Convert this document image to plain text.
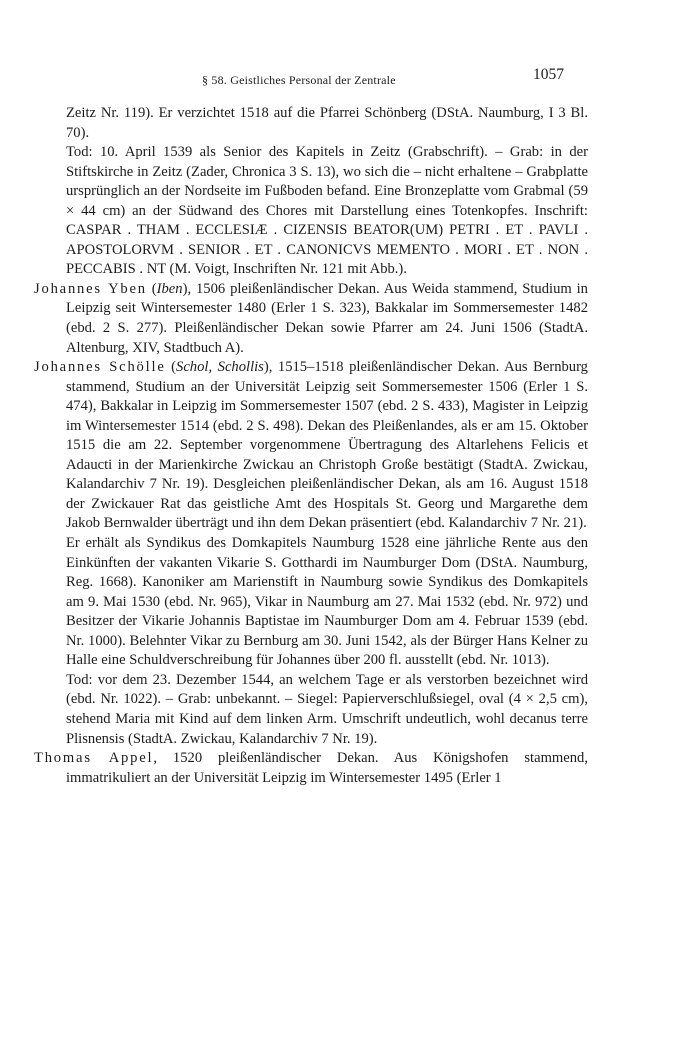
§ 58. Geistliches Personal der Zentrale	1057

Zeitz Nr. 119). Er verzichtet 1518 auf die Pfarrei Schönberg (DStA. Naumburg, I 3 Bl. 70).

Tod: 10. April 1539 als Senior des Kapitels in Zeitz (Grabschrift). – Grab: in der Stiftskirche in Zeitz (Zader, Chronica 3 S. 13), wo sich die – nicht erhaltene – Grabplatte ursprünglich an der Nordseite im Fußboden befand. Eine Bronzeplatte vom Grabmal (59 × 44 cm) an der Südwand des Chores mit Darstellung eines Totenkopfes. Inschrift: CASPAR . THAM . ECCLESIÆ . CIZENSIS BEATOR(UM) PETRI . ET . PAVLI . APOSTOLORVM . SENIOR . ET . CANONICVS MEMENTO . MORI . ET . NON . PECCABIS . NT (M. Voigt, Inschriften Nr. 121 mit Abb.).

Johannes Yben (Iben), 1506 pleißenländischer Dekan. Aus Weida stammend, Studium in Leipzig seit Wintersemester 1480 (Erler 1 S. 323), Bakkalar im Sommersemester 1482 (ebd. 2 S. 277). Pleißenländischer Dekan sowie Pfarrer am 24. Juni 1506 (StadtA. Altenburg, XIV, Stadtbuch A).

Johannes Schölle (Schol, Schollis), 1515–1518 pleißenländischer Dekan. Aus Bernburg stammend, Studium an der Universität Leipzig seit Sommersemester 1506 (Erler 1 S. 474), Bakkalar in Leipzig im Sommersemester 1507 (ebd. 2 S. 433), Magister in Leipzig im Wintersemester 1514 (ebd. 2 S. 498). Dekan des Pleißenlandes, als er am 15. Oktober 1515 die am 22. September vorgenommene Übertragung des Altarlehens Felicis et Adaucti in der Marienkirche Zwickau an Christoph Große bestätigt (StadtA. Zwickau, Kalandarchiv 7 Nr. 19). Desgleichen pleißenländischer Dekan, als am 16. August 1518 der Zwickauer Rat das geistliche Amt des Hospitals St. Georg und Margarethe dem Jakob Bernwalder überträgt und ihn dem Dekan präsentiert (ebd. Kalandarchiv 7 Nr. 21).

Er erhält als Syndikus des Domkapitels Naumburg 1528 eine jährliche Rente aus den Einkünften der vakanten Vikarie S. Gotthardi im Naumburger Dom (DStA. Naumburg, Reg. 1668). Kanoniker am Marienstift in Naumburg sowie Syndikus des Domkapitels am 9. Mai 1530 (ebd. Nr. 965), Vikar in Naumburg am 27. Mai 1532 (ebd. Nr. 972) und Besitzer der Vikarie Johannis Baptistae im Naumburger Dom am 4. Februar 1539 (ebd. Nr. 1000). Belehnter Vikar zu Bernburg am 30. Juni 1542, als der Bürger Hans Kelner zu Halle eine Schuldverschreibung für Johannes über 200 fl. ausstellt (ebd. Nr. 1013).

Tod: vor dem 23. Dezember 1544, an welchem Tage er als verstorben bezeichnet wird (ebd. Nr. 1022). – Grab: unbekannt. – Siegel: Papierverschlußsiegel, oval (4 × 2,5 cm), stehend Maria mit Kind auf dem linken Arm. Umschrift undeutlich, wohl decanus terre Plisnensis (StadtA. Zwickau, Kalandarchiv 7 Nr. 19).

Thomas Appel, 1520 pleißenländischer Dekan. Aus Königshofen stammend, immatrikuliert an der Universität Leipzig im Wintersemester 1495 (Erler 1
